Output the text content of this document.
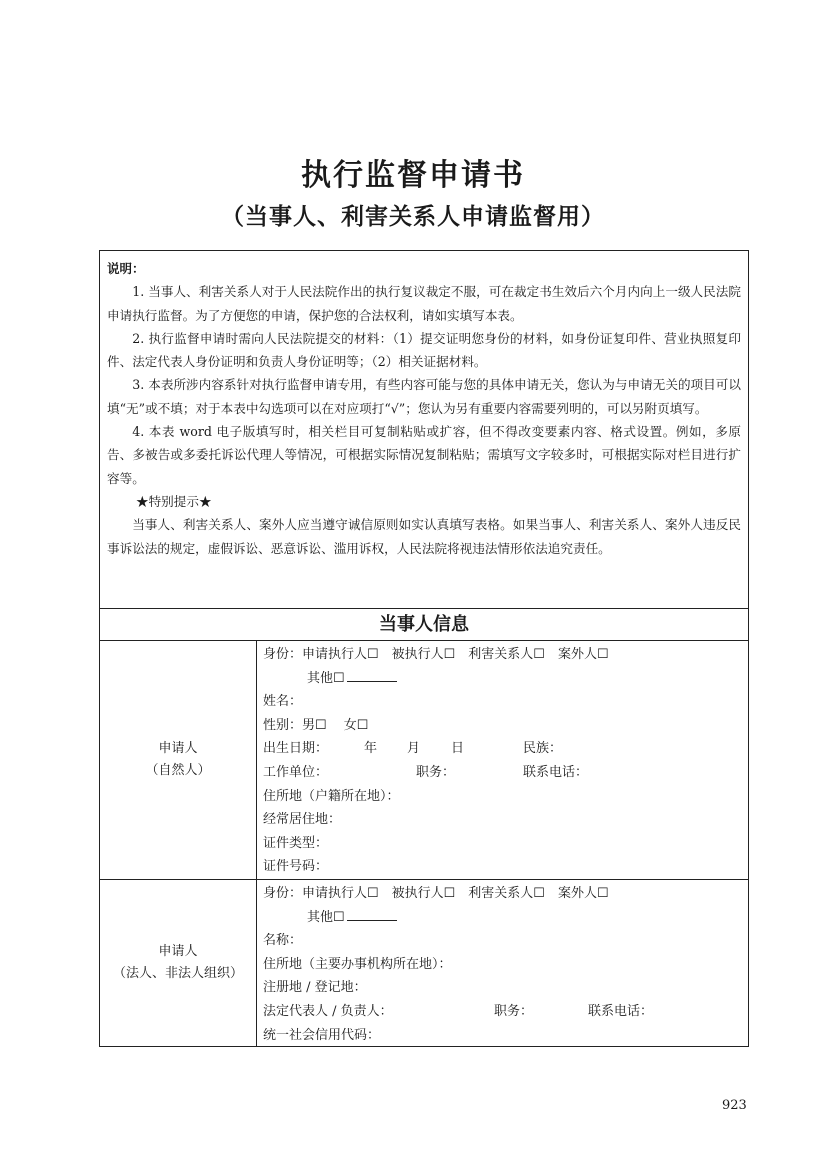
执行监督申请书
（当事人、利害关系人申请监督用）
说明：

1. 当事人、利害关系人对于人民法院作出的执行复议裁定不服，可在裁定书生效后六个月内向上一级人民法院申请执行监督。为了方便您的申请，保护您的合法权利，请如实填写本表。

2. 执行监督申请时需向人民法院提交的材料：（1）提交证明您身份的材料，如身份证复印件、营业执照复印件、法定代表人身份证明和负责人身份证明等；（2）相关证据材料。

3. 本表所涉内容系针对执行监督申请专用，有些内容可能与您的具体申请无关，您认为与申请无关的项目可以填“无”或不填；对于本表中勾选项可以在对应项打“√”；您认为另有重要内容需要列明的，可以另附页填写。

4. 本表 word 电子版填写时，相关栏目可复制粘贴或扩容，但不得改变要素内容、格式设置。例如，多原告、多被告或多委托诉讼代理人等情况，可根据实际情况复制粘贴；需填写文字较多时，可根据实际对栏目进行扩容等。

★特别提示★

当事人、利害关系人、案外人应当遵守诚信原则如实认真填写表格。如果当事人、利害关系人、案外人违反民事诉讼法的规定，虚假诉讼、恶意诉讼、滥用诉权，人民法院将视违法情形依法追究责任。

当事人信息
申请人
（自然人）
身份：申请执行人☐　被执行人☐　利害关系人☐　案外人☐
其他☐
姓名：
性别：男☐　 女☐
出生日期：	年 月 日	民族：
工作单位：	职务：	联系电话：
住所地（户籍所在地）：
经常居住地：
证件类型：
证件号码：
申请人
（法人、非法人组织）
身份：申请执行人☐　被执行人☐　利害关系人☐　案外人☐
其他☐
名称：
住所地（主要办事机构所在地）：
注册地 / 登记地：
法定代表人 / 负责人：	职务：	联系电话：
统一社会信用代码：
923
